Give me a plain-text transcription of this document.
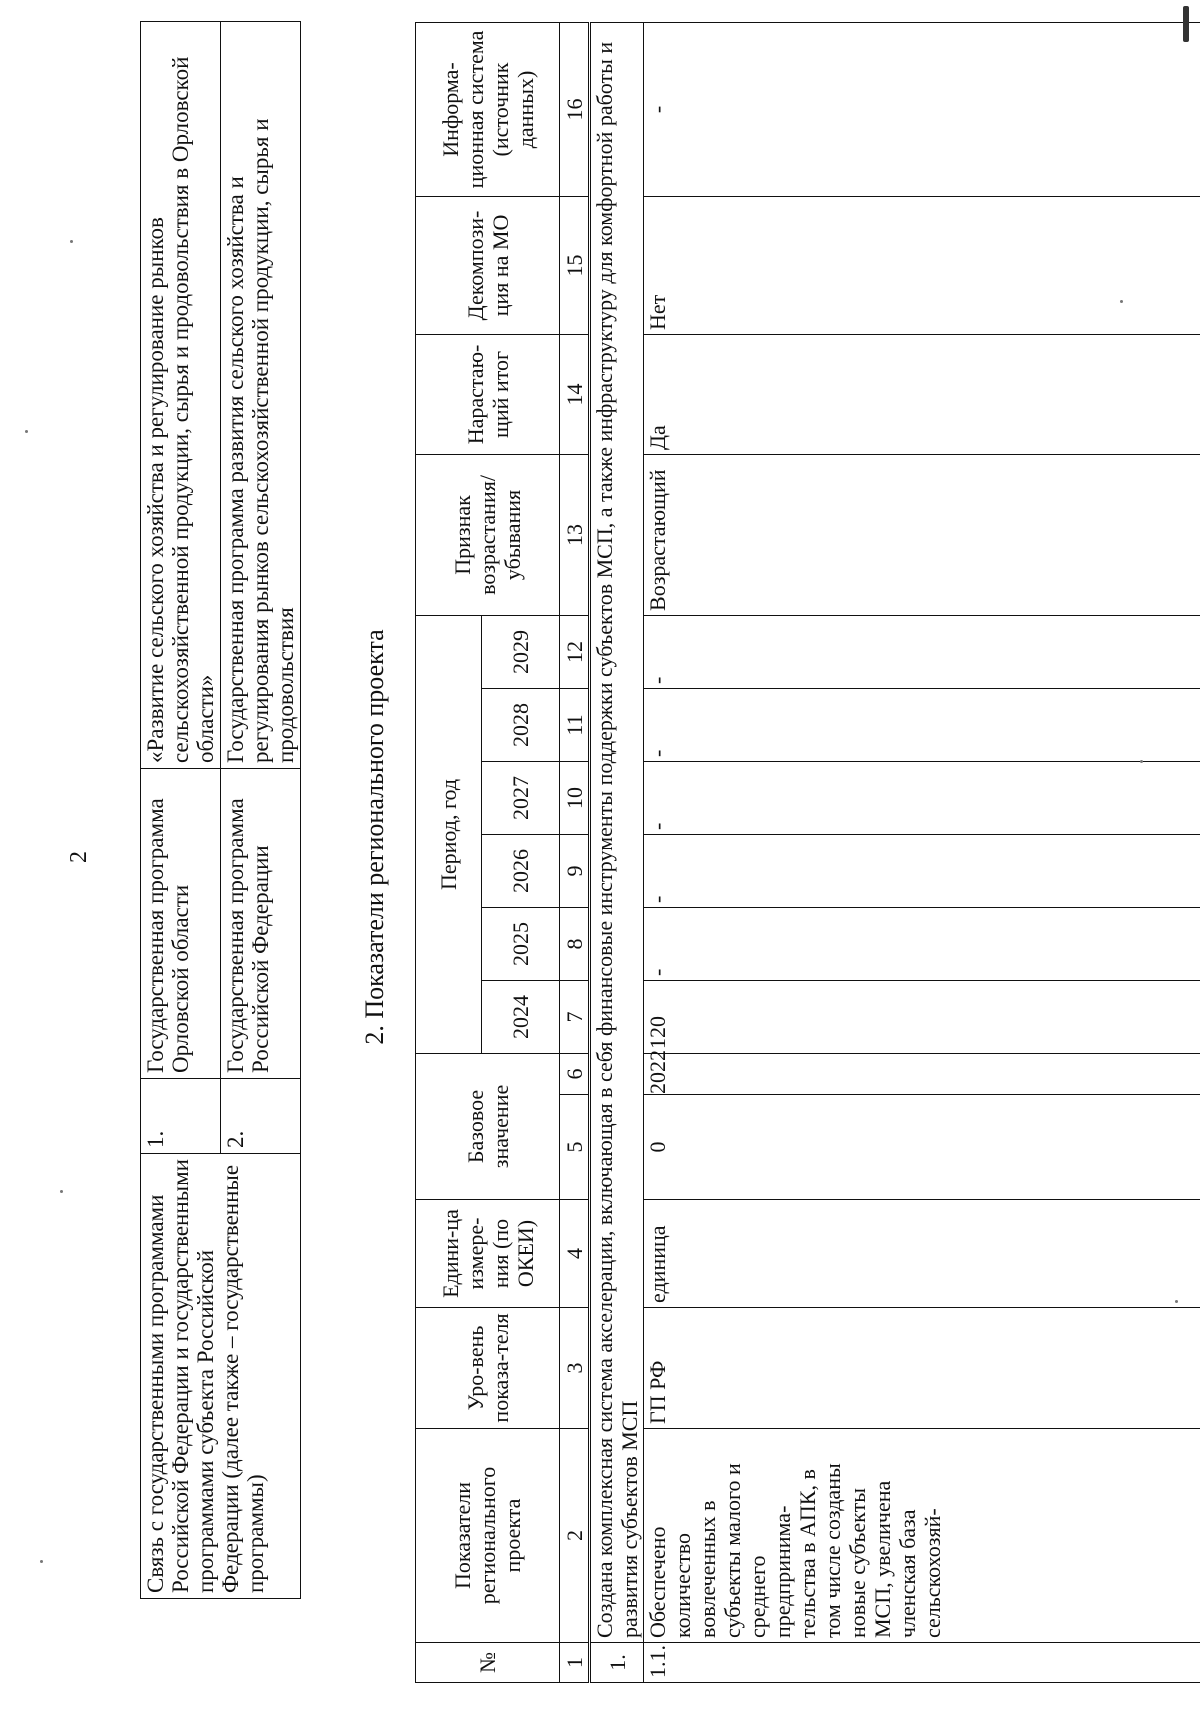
2
Связь с государственными программами Российской Федерации и государственными программами субъекта Российской Федерации (далее также – государственные программы)	1.	Государственная программа Орловской области	«Развитие сельского хозяйства и регулирование рынков сельскохозяйственной продукции, сырья и продовольствия в Орловской области»
	2.	Государственная программа Российской Федерации	Государственная программа развития сельского хозяйства и регулирования рынков сельскохозяйственной продукции, сырья и продовольствия 2. Показатели регионального проекта
№	Показатели регионального проекта	Уро-вень показа-теля	Едини-ца измере-ния (по ОКЕИ)	Базовое значение		Период, год						Признак возрастания/ убывания	Нарастаю-щий итог	Декомпози-ция на МО	Информа-ционная система (источник данных)
						2024	2025	2026	2027	2028	2029				
1	2	3	4	5	6	7	8	9	10	11	12	13	14	15	16
1.	Создана комплексная система акселерации, включающая в себя финансовые инструменты поддержки субъектов МСП, а также инфраструктуру для комфортной работы и развития субъектов МСП														
1.1.	Обеспечено количество вовлеченных в субъекты малого и среднего предпринима-тельства в АПК, в том числе созданы новые субъекты МСП, увеличена членская база сельскохозяй-	ГП РФ	единица	0	2022	120	-	-	-	-	-	Возрастающий	Да	Нет	-
